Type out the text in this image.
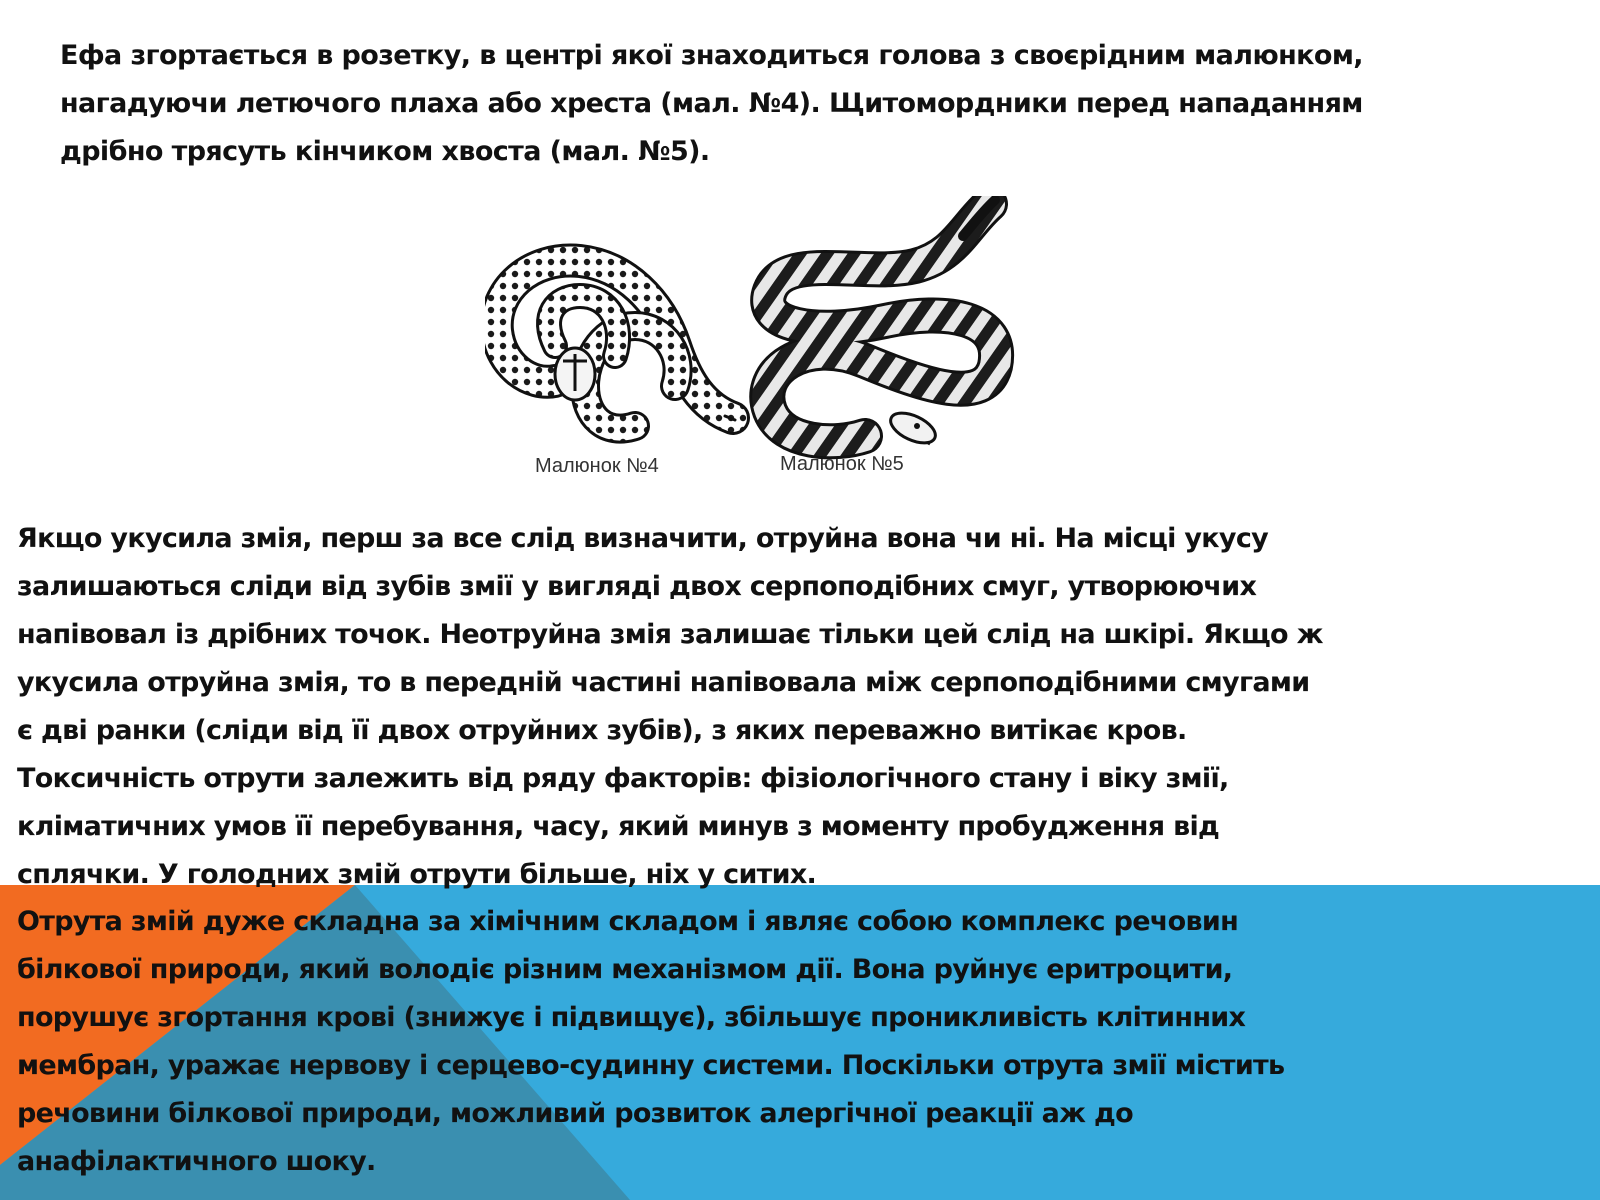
Ефа згортається в розетку, в центрі якої знаходиться голова з своєрідним малюнком,
нагадуючи летючого плаха або хреста (мал. №4). Щитомордники перед нападанням
дрібно трясуть кінчиком хвоста (мал. №5).
Малюнок №4	Малюнок №5
Якщо укусила змія, перш за все слід визначити, отруйна вона чи ні. На місці укусу
залишаються сліди від зубів змії у вигляді двох серпоподібних смуг, утворюючих
напівовал із дрібних точок. Неотруйна змія залишає тільки цей слід на шкірі. Якщо ж
укусила отруйна змія, то в передній частині напівовала між серпоподібними смугами
є дві ранки (сліди від її двох отруйних зубів), з яких переважно витікає кров.
Токсичність отрути залежить від ряду факторів: фізіологічного стану і віку змії,
кліматичних умов її перебування, часу, який минув з моменту пробудження від
сплячки. У голодних змій отрути більше, ніх у ситих.
Отрута змій дуже складна за хімічним складом і являє собою комплекс речовин
білкової природи, який володіє різним механізмом дії. Вона руйнує еритроцити,
порушує згортання крові (знижує і підвищує), збільшує проникливість клітинних
мембран, уражає нервову і серцево-судинну системи. Поскільки отрута змії містить
речовини білкової природи, можливий розвиток алергічної реакції аж до
анафілактичного шоку.
